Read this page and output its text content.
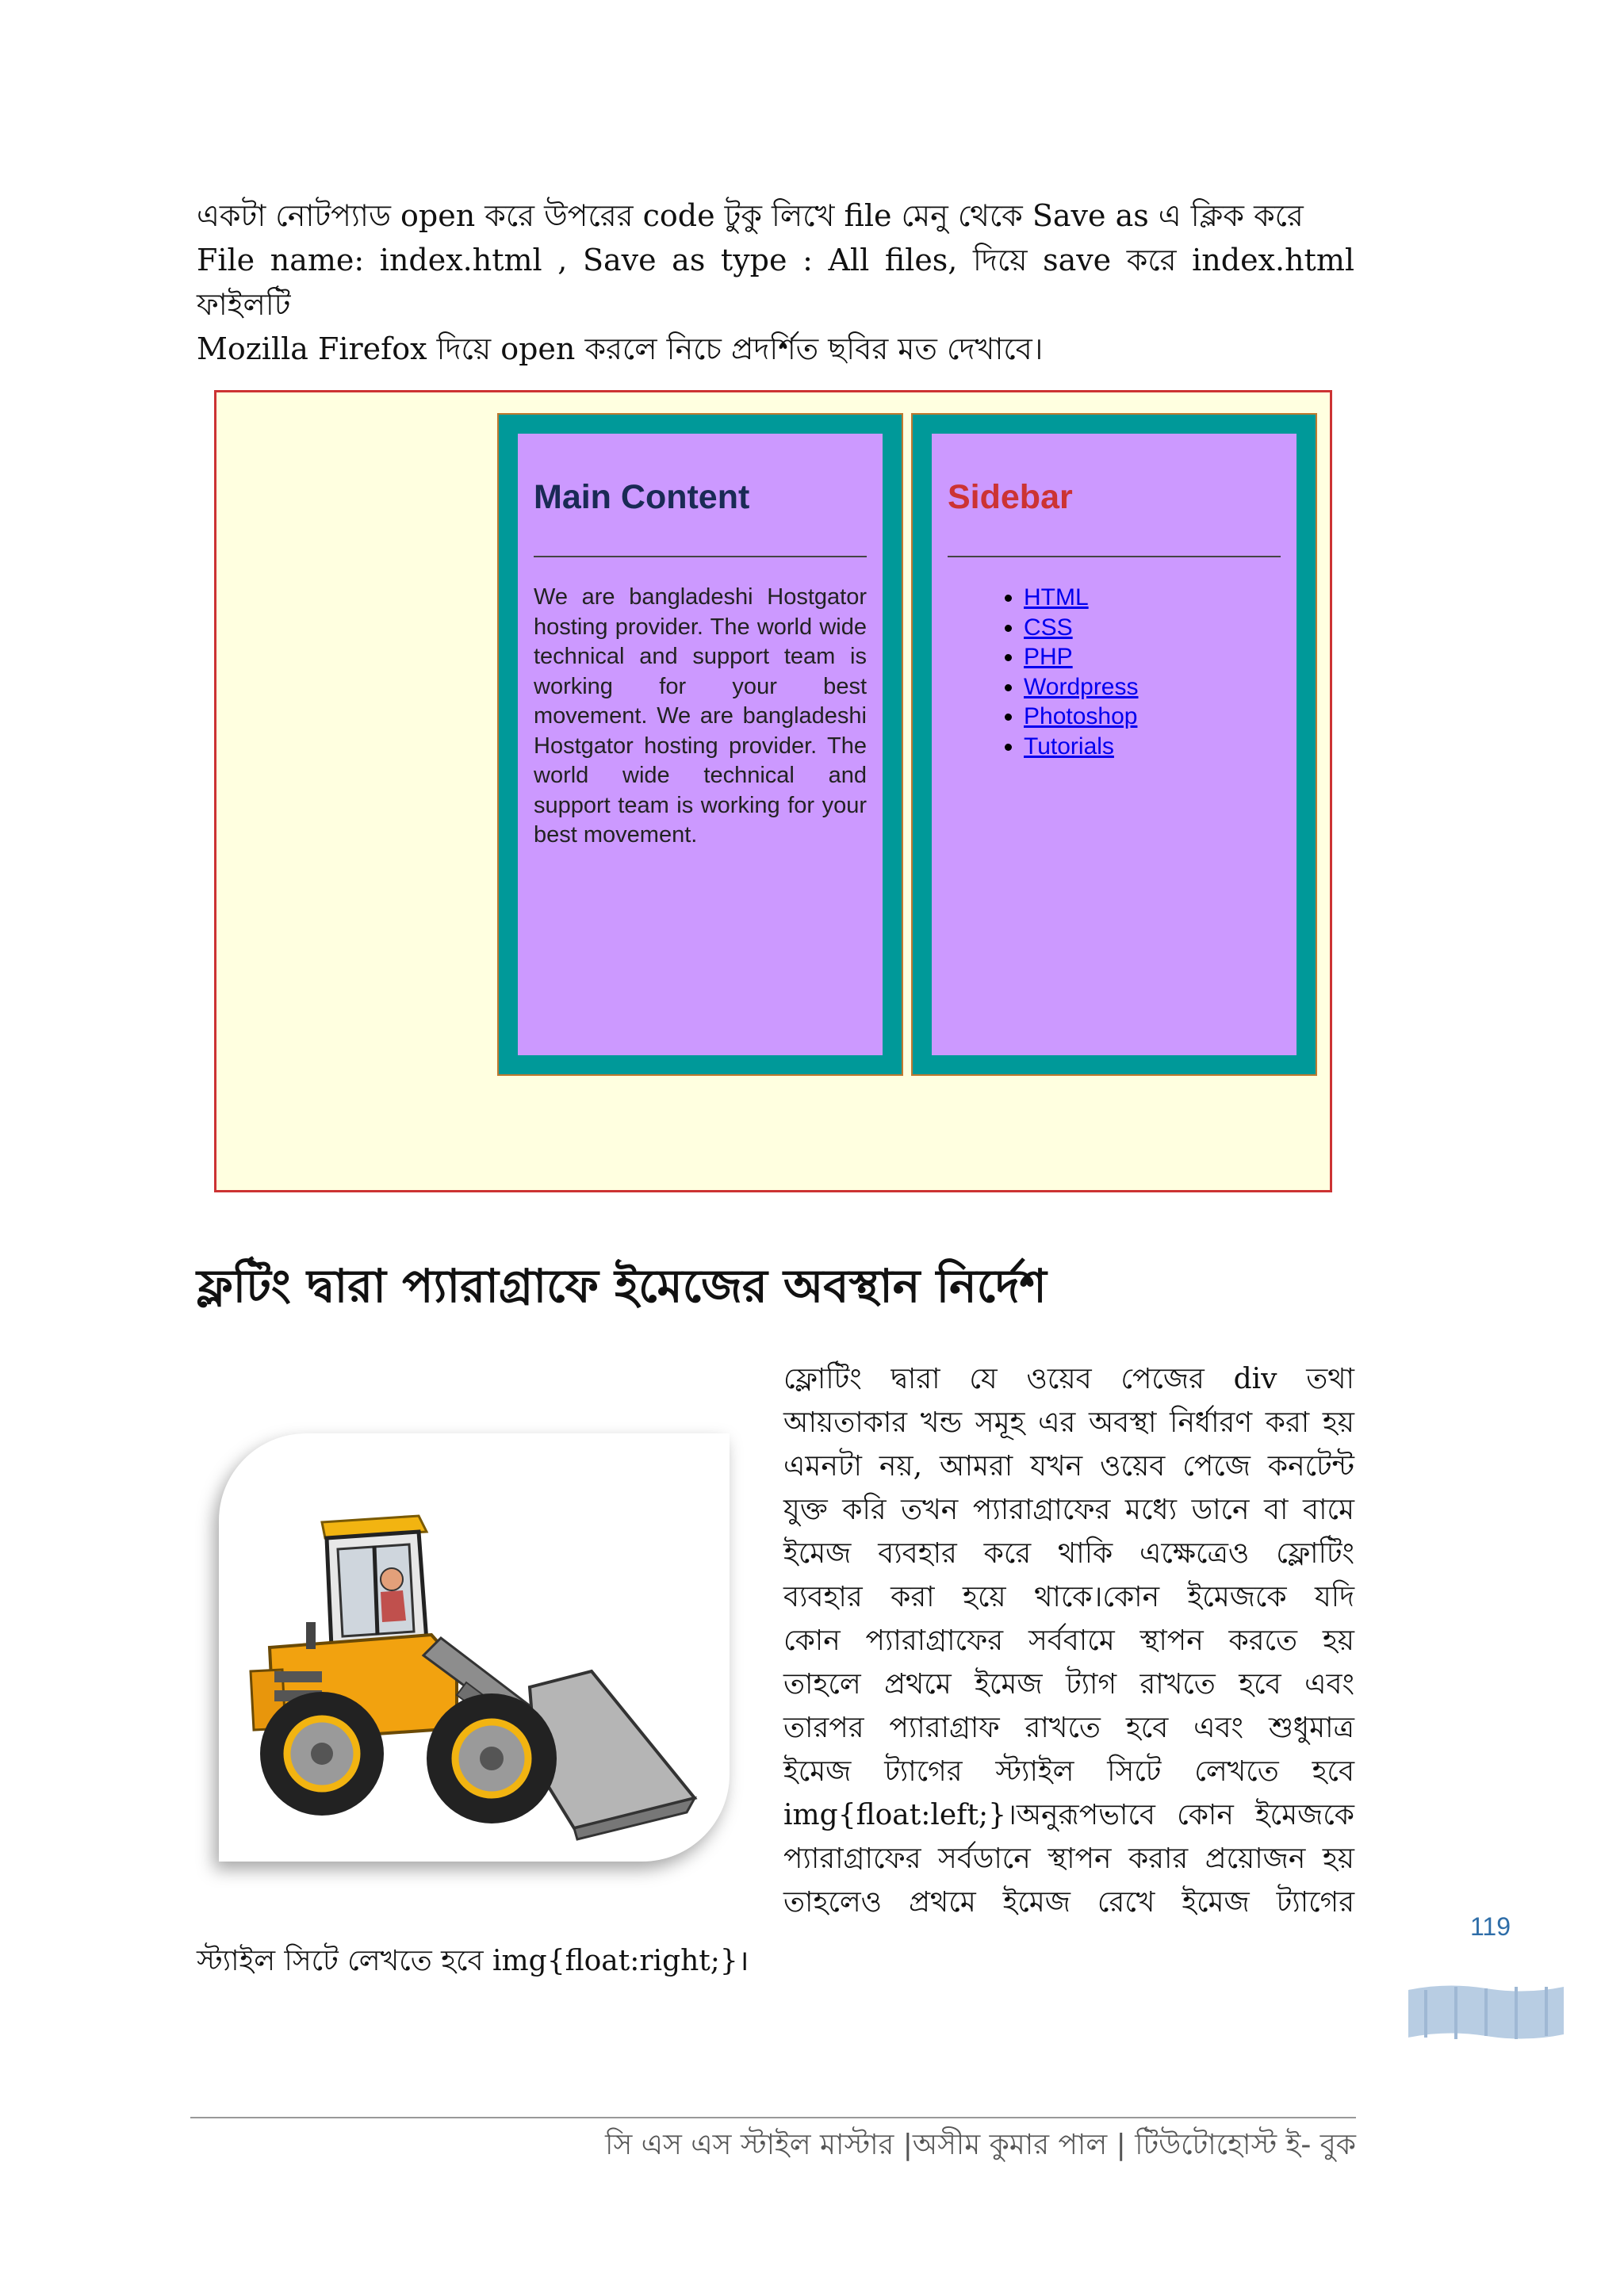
একটা নোটপ্যাড open করে উপরের code টুকু লিখে file মেনু থেকে Save as এ ক্লিক করে
File name: index.html , Save as type : All files, দিয়ে save করে index.html ফাইলটি
Mozilla Firefox দিয়ে open করলে নিচে প্রদর্শিত ছবির মত দেখাবে।

Main Content

We are bangladeshi Hostgator hosting provider. The world wide technical and support team is working for your best movement. We are bangladeshi Hostgator hosting provider. The world wide technical and support team is working for your best movement.

Sidebar
• HTML
• CSS
• PHP
• Wordpress
• Photoshop
• Tutorials
ফ্লটিং দ্বারা প্যারাগ্রাফে ইমেজের অবস্থান নির্দেশ
ফ্লোটিং দ্বারা যে ওয়েব পেজের div তথা
আয়তাকার খন্ড সমূহ এর অবস্থা নির্ধারণ করা হয়
এমনটা নয়, আমরা যখন ওয়েব পেজে কনটেন্ট
যুক্ত করি তখন প্যারাগ্রাফের মধ্যে ডানে বা বামে
ইমেজ ব্যবহার করে থাকি এক্ষেত্রেও ফ্লোটিং
ব্যবহার করা হয়ে থাকে।কোন ইমেজকে যদি
কোন প্যারাগ্রাফের সর্ববামে স্থাপন করতে হয়
তাহলে প্রথমে ইমেজ ট্যাগ রাখতে হবে এবং
তারপর প্যারাগ্রাফ রাখতে হবে এবং শুধুমাত্র
ইমেজ ট্যাগের স্ট্যাইল সিটে লেখতে হবে
img{float:left;}।অনুরূপভাবে কোন ইমেজকে
প্যারাগ্রাফের সর্বডানে স্থাপন করার প্রয়োজন হয়
তাহলেও প্রথমে ইমেজ রেখে ইমেজ ট্যাগের

স্ট্যাইল সিটে লেখতে হবে img{float:right;}।

119
সি এস এস স্টাইল মাস্টার |অসীম কুমার পাল | টিউটোহোস্ট ই- বুক
